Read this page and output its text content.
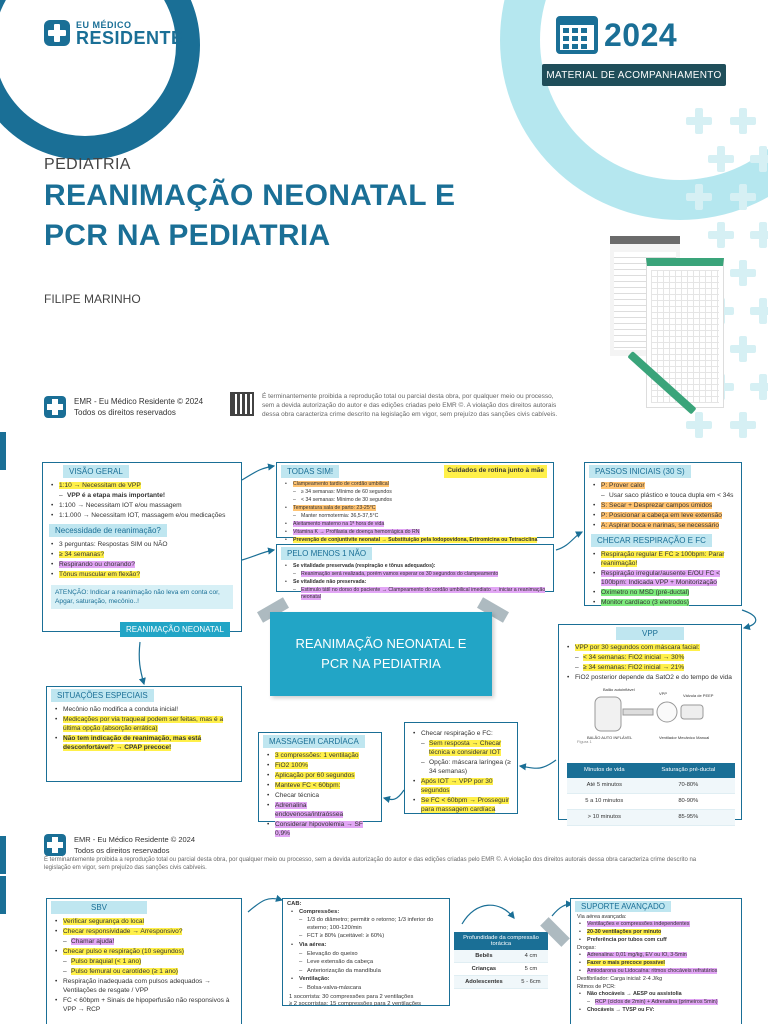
EU MÉDICO
RESIDENTE	2024
MATERIAL DE ACOMPANHAMENTO
PEDIATRIA
REANIMAÇÃO NEONATAL E
PCR NA PEDIATRIA
FILIPE MARINHO
EMR - Eu Médico Residente © 2024
Todos os direitos reservados
É terminantemente proibida a reprodução total ou parcial desta obra, por qualquer meio ou processo, sem a devida autorização do autor e das edições criadas pelo EMR ©. A violação dos direitos autorais dessa obra caracteriza crime descrito na legislação em vigor, sem prejuízo das sanções civis cabíveis.
VISÃO GERAL
• 1:10 → Necessitam de VPP
– VPP é a etapa mais importante!
• 1:100 → Necessitam IOT e/ou massagem
• 1:1.000 → Necessitam IOT, massagem e/ou medicações
Necessidade de reanimação?
• 3 perguntas: Respostas SIM ou NÃO
• ≥ 34 semanas?
• Respirando ou chorando?
• Tônus muscular em flexão?
ATENÇÃO: Indicar a reanimação não leva em conta cor, Apgar, saturação, mecônio..!
REANIMAÇÃO NEONATAL
TODAS SIM!	Cuidados de rotina junto à mãe
• Clampeamento tardio de cordão umbilical
– ≥ 34 semanas: Mínimo de 60 segundos
– < 34 semanas: Mínimo de 30 segundos
• Temperatura sala de parto: 23-25°C
– Manter normotermia: 36,5-37,5°C
• Aleitamento materno na 1ª hora de vida
• Vitamina K → Profilaxia de doença hemorrágica do RN
• Prevenção de conjuntivite neonatal → Substituição pela Iodopovidona, Eritromicina ou Tetraciclina
PELO MENOS 1 NÃO
• Se vitalidade preservada (respiração e tônus adequados):
– Reanimação será realizada, porém vamos esperar os 30 segundos do clampeamento
• Se vitalidade não preservada:
– Estimulo tátil no dorso do paciente → Clampeamento do cordão umbilical imediato → iniciar a reanimação neonatal
PASSOS INICIAIS (30 S)
• P: Prover calor
– Usar saco plástico e touca dupla em < 34s
• S: Secar + Desprezar campos úmidos
• P: Posicionar a cabeça em leve extensão
• A: Aspirar boca e narinas, se necessário
CHECAR RESPIRAÇÃO E FC
• Respiração regular E FC ≥ 100bpm: Parar reanimação!
• Respiração irregular/ausente E/OU FC < 100bpm: Indicada VPP + Monitorização
• Oxímetro no MSD (pré-ductal)
• Monitor cardíaco (3 eletrodos)
REANIMAÇÃO NEONATAL E
PCR NA PEDIATRIA
VPP
• VPP por 30 segundos com máscara facial:
– < 34 semanas: FiO2 inicial → 30%
– ≥ 34 semanas: FiO2 inicial → 21%
• FiO2 posterior depende da SatO2 e do tempo de vida
Balão autoinflável
BALÃO AUTO INFLÁVEL
VPP	Válvula de PEEP
Ventilador Mecânico Manual
Figura 1
Minutos de vida	Saturação pré-ductal
Até 5 minutos	70-80%
5 a 10 minutos	80-90%
> 10 minutos	85-95%
SITUAÇÕES ESPECIAIS
• Mecônio não modifica a conduta inicial!
• Medicações por via traqueal podem ser feitas, mas é a última opção (absorção errática)
• Não tem indicação de reanimação, mas está desconfortável? → CPAP precoce!
MASSAGEM CARDÍACA
• 3 compressões: 1 ventilação
• FiO2 100%
• Aplicação por 60 segundos
• Manteve FC < 60bpm:
• Checar técnica
• Adrenalina endovenosa/intraóssea
• Considerar hipovolemia → SF 0,9%
• Checar respiração e FC:
– Sem resposta → Checar técnica e considerar IOT
– Opção: máscara laríngea (≥ 34 semanas)
• Após IOT → VPP por 30 segundos
• Se FC < 60bpm → Prosseguir para massagem cardíaca
EMR - Eu Médico Residente © 2024
Todos os direitos reservados
É terminantemente proibida a reprodução total ou parcial desta obra, por qualquer meio ou processo, sem a devida autorização do autor e das edições criadas pelo EMR ©. A violação dos direitos autorais dessa obra caracteriza crime descrito na legislação em vigor, sem prejuízo das sanções civis cabíveis.
SBV
• Verificar segurança do local
• Checar responsividade → Arresponsivo?
– Chamar ajuda!
• Checar pulso e respiração (10 segundos)
– Pulso braquial (< 1 ano)
– Pulso femural ou carotídeo (≥ 1 ano)
• Respiração inadequada com pulsos adequados → Ventilações de resgate / VPP
• FC < 60bpm + Sinais de hipoperfusão não responsivos à VPP → RCP
CAB:
• Compressões:
– 1/3 do diâmetro; permitir o retorno; 1/3 inferior do esterno; 100-120/min
– FCT ≥ 80% (aceitável: ≥ 60%)
• Via aérea:
– Elevação do queixo
– Leve extensão da cabeça
– Anteriorização da mandíbula
• Ventilação:
– Bolsa-valva-máscara
1 socorrista: 30 compressões para 2 ventilações
≥ 2 socorristas: 15 compressões para 2 ventilações
Profundidade da compressão torácica	
Bebês	4 cm
Crianças	5 cm
Adolescentes	5 - 6cm
SUPORTE AVANÇADO
Via aérea avançada:
• Ventilações e compressões independentes
• 20-30 ventilações por minuto
• Preferência por tubos com cuff
Drogas:
• Adrenalina: 0,01 mg/kg, EV ou IO, 3-5min
• Fazer o mais precoce possível
• Amiodarona ou Lidocaína: ritmos chocáveis refratários
Desfibrilador: Carga inicial: 2-4 J/kg
Ritmos de PCR:
• Não chocáveis → AESP ou assistolia
– RCP (ciclos de 2min) + Adrenalina (primeiros 5min)
• Chocáveis → TVSP ou FV:
